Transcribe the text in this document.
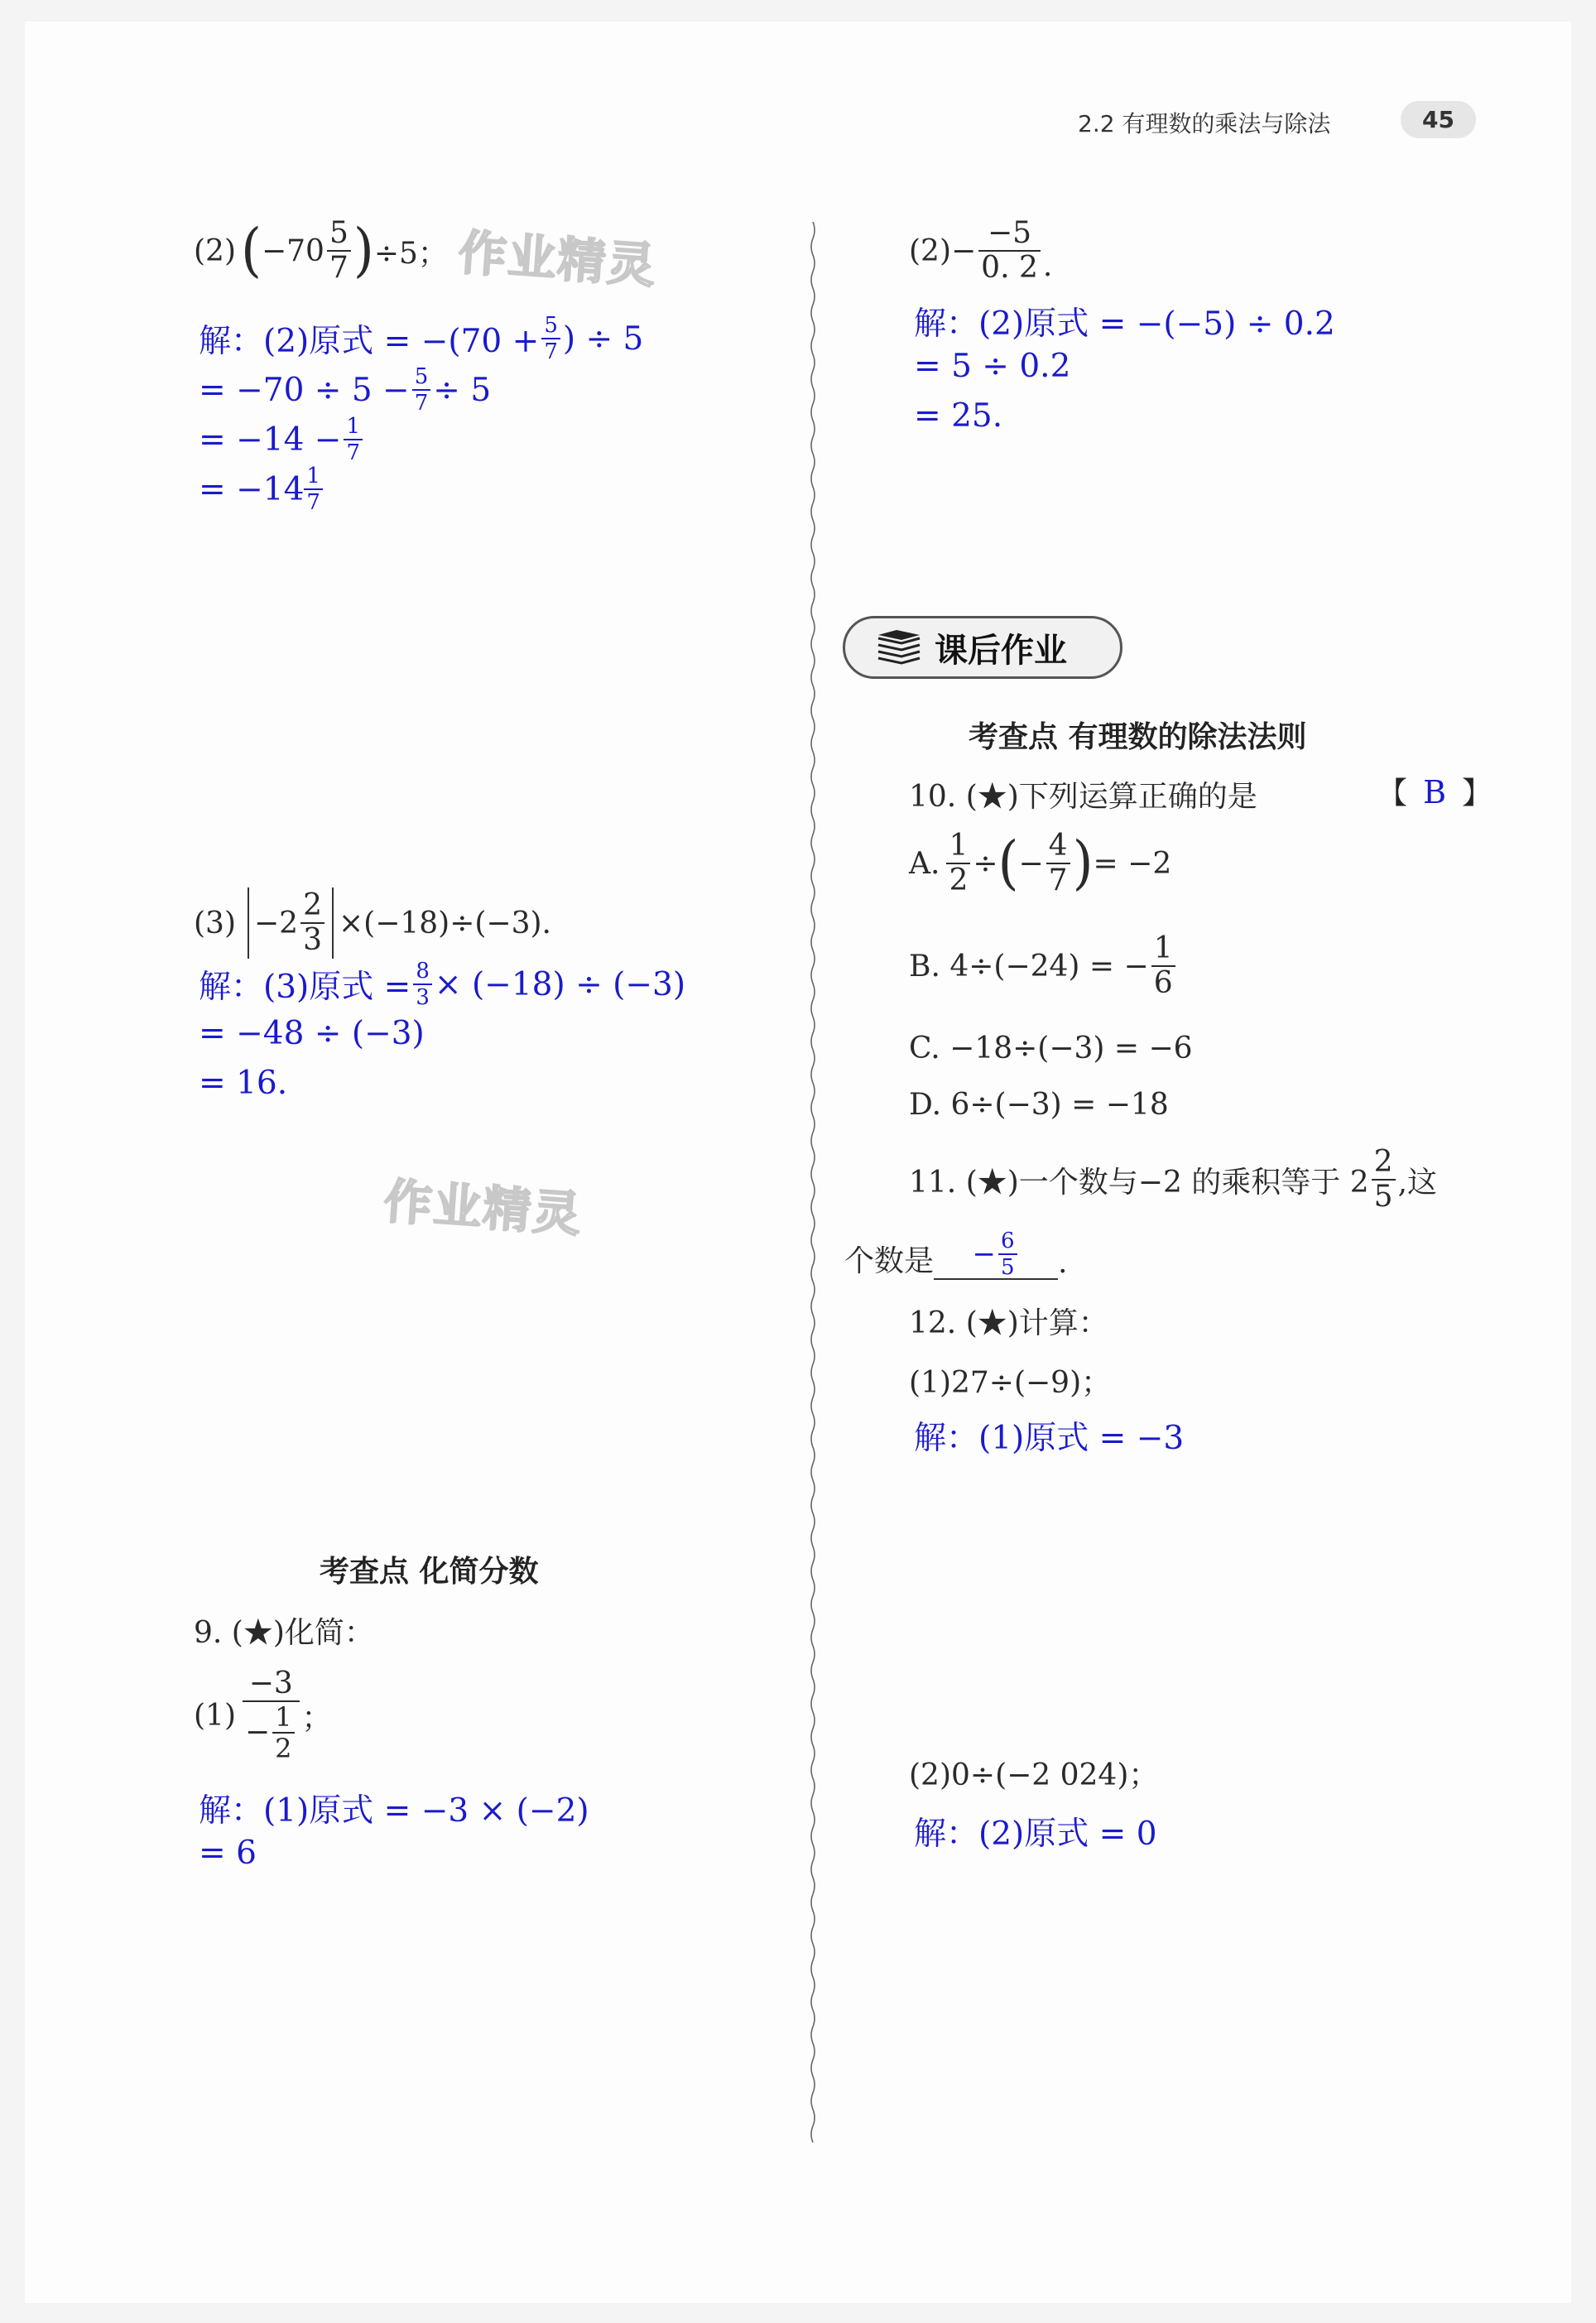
2.2 有理数的乘法与除法	45
作业精灵
作业精灵
(2) ( $-70 \frac{5}{7}$ ) ÷5；
解：(2)原式 = $-(70 + \frac{5}{7}$ ) ÷ 5
= $-70 \div 5 - \frac{5}{7} \div 5$
= $-14 - \frac{1}{7}$
= $-14 \frac{1}{7}$
$(3) -2 \frac{2}{3} \times(-18)\div(-3)$.
解：(3)原式 = $\frac{8}{3} \times (-18) \div (-3)$
= −48 ÷ (−3)
= 16.
考查点 化简分数
9. (★)化简：
$(1) \frac{-3}{- \frac{1}{2}}$ ；
解：(1)原式 = −3 × (−2)
= 6
$(2)- \frac{-5}{0. 2}$ .
解：(2)原式 = −(−5) ÷ 0.2
= 5 ÷ 0.2
= 25.
课后作业
考查点 有理数的除法法则
10. (★)下列运算正确的是	【 B 】
A. $\frac{1}{2}$ ÷ ( − $\frac{4}{7}$ ) = −2
B. 4÷(−24) = − $\frac{1}{6}$
C. −18÷(−3) = −6
D. 6÷(−3) = −18
11. (★)一个数与−2 的乘积等于 $2 \frac{2}{5}$ ,这
个数是 − $\frac{6}{5}$ .
12. (★)计算：
(1)27÷(−9)；
解：(1)原式 = −3
(2)0÷(−2 024)；
解：(2)原式 = 0
